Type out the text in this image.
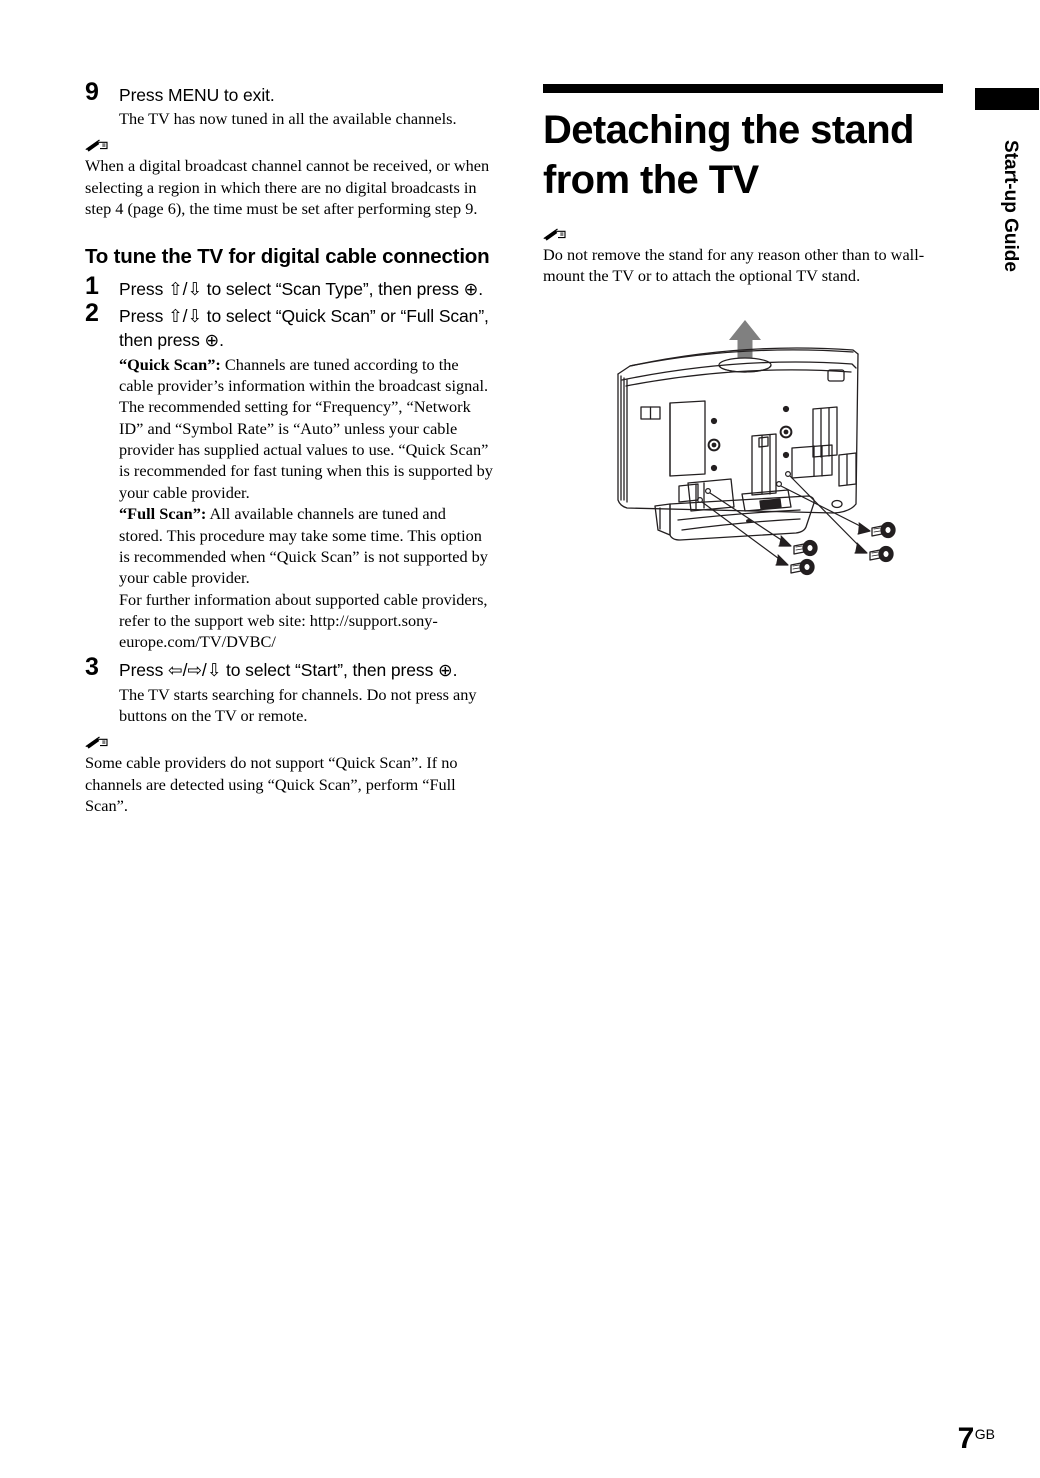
9 Press MENU to exit.
The TV has now tuned in all the available channels.
When a digital broadcast channel cannot be received, or when selecting a region in which there are no digital broadcasts in step 4 (page 6), the time must be set after performing step 9.
To tune the TV for digital cable connection
1 Press ⇧/⇩ to select “Scan Type”, then press ⊕.
2 Press ⇧/⇩ to select “Quick Scan” or “Full Scan”, then press ⊕.
“Quick Scan”: Channels are tuned according to the cable provider’s information within the broadcast signal. The recommended setting for “Frequency”, “Network ID” and “Symbol Rate” is “Auto” unless your cable provider has supplied actual values to use. “Quick Scan” is recommended for fast tuning when this is supported by your cable provider.
“Full Scan”: All available channels are tuned and stored. This procedure may take some time. This option is recommended when “Quick Scan” is not supported by your cable provider.
For further information about supported cable providers, refer to the support web site: http://support.sony-europe.com/TV/DVBC/
3 Press ⇦/⇨/⇩ to select “Start”, then press ⊕.
The TV starts searching for channels. Do not press any buttons on the TV or remote.
Some cable providers do not support “Quick Scan”. If no channels are detected using “Quick Scan”, perform “Full Scan”.
Detaching the stand from the TV
Do not remove the stand for any reason other than to wall-mount the TV or to attach the optional TV stand.
Start-up Guide
7GB
